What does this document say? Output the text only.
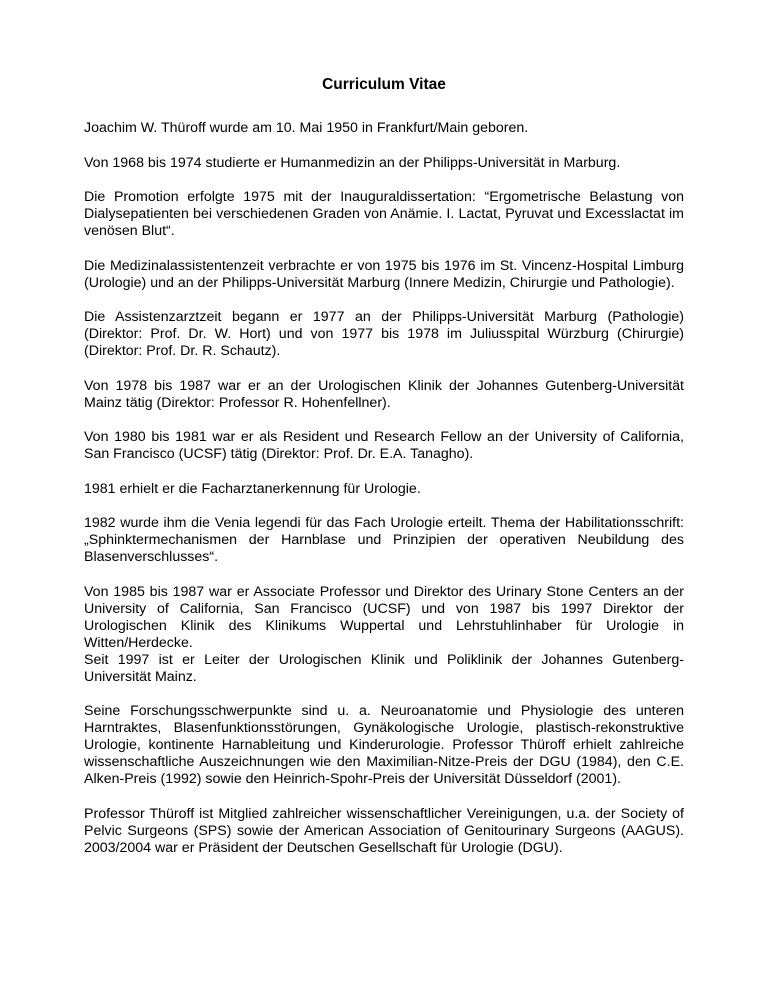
Curriculum Vitae

Joachim W. Thüroff wurde am 10. Mai 1950 in Frankfurt/Main geboren.

Von 1968 bis 1974 studierte er Humanmedizin an der Philipps-Universität in Marburg.

Die Promotion erfolgte 1975 mit der Inauguraldissertation: “Ergometrische Belastung von Dialysepatienten bei verschiedenen Graden von Anämie. I. Lactat, Pyruvat und Excesslactat im venösen Blut“.

Die Medizinalassistentenzeit verbrachte er von 1975 bis 1976 im St. Vincenz-Hospital Limburg (Urologie) und an der Philipps-Universität Marburg (Innere Medizin, Chirurgie und Pathologie).

Die Assistenzarztzeit begann er 1977 an der Philipps-Universität Marburg (Pathologie) (Direktor: Prof. Dr. W. Hort) und von 1977 bis 1978 im Juliusspital Würzburg (Chirurgie) (Direktor: Prof. Dr. R. Schautz).

Von 1978 bis 1987 war er an der Urologischen Klinik der Johannes Gutenberg-Universität Mainz tätig (Direktor: Professor R. Hohenfellner).

Von 1980 bis 1981 war er als Resident und Research Fellow an der University of California, San Francisco (UCSF) tätig (Direktor: Prof. Dr. E.A. Tanagho).

1981 erhielt er die Facharztanerkennung für Urologie.

1982 wurde ihm die Venia legendi für das Fach Urologie erteilt. Thema der Habilitationsschrift: „Sphinktermechanismen der Harnblase und Prinzipien der operativen Neubildung des Blasenverschlusses“.

Von 1985 bis 1987 war er Associate Professor und Direktor des Urinary Stone Centers an der University of California, San Francisco (UCSF) und von 1987 bis 1997 Direktor der Urologischen Klinik des Klinikums Wuppertal und Lehrstuhlinhaber für Urologie in Witten/Herdecke.

Seit 1997 ist er Leiter der Urologischen Klinik und Poliklinik der Johannes Gutenberg-Universität Mainz.

Seine Forschungsschwerpunkte sind u. a. Neuroanatomie und Physiologie des unteren Harntraktes, Blasenfunktionsstörungen, Gynäkologische Urologie, plastisch-rekonstruktive Urologie, kontinente Harnableitung und Kinderurologie. Professor Thüroff erhielt zahlreiche wissenschaftliche Auszeichnungen wie den Maximilian-Nitze-Preis der DGU (1984), den C.E. Alken-Preis (1992) sowie den Heinrich-Spohr-Preis der Universität Düsseldorf (2001).

Professor Thüroff ist Mitglied zahlreicher wissenschaftlicher Vereinigungen, u.a. der Society of Pelvic Surgeons (SPS) sowie der American Association of Genitourinary Surgeons (AAGUS). 2003/2004 war er Präsident der Deutschen Gesellschaft für Urologie (DGU).
